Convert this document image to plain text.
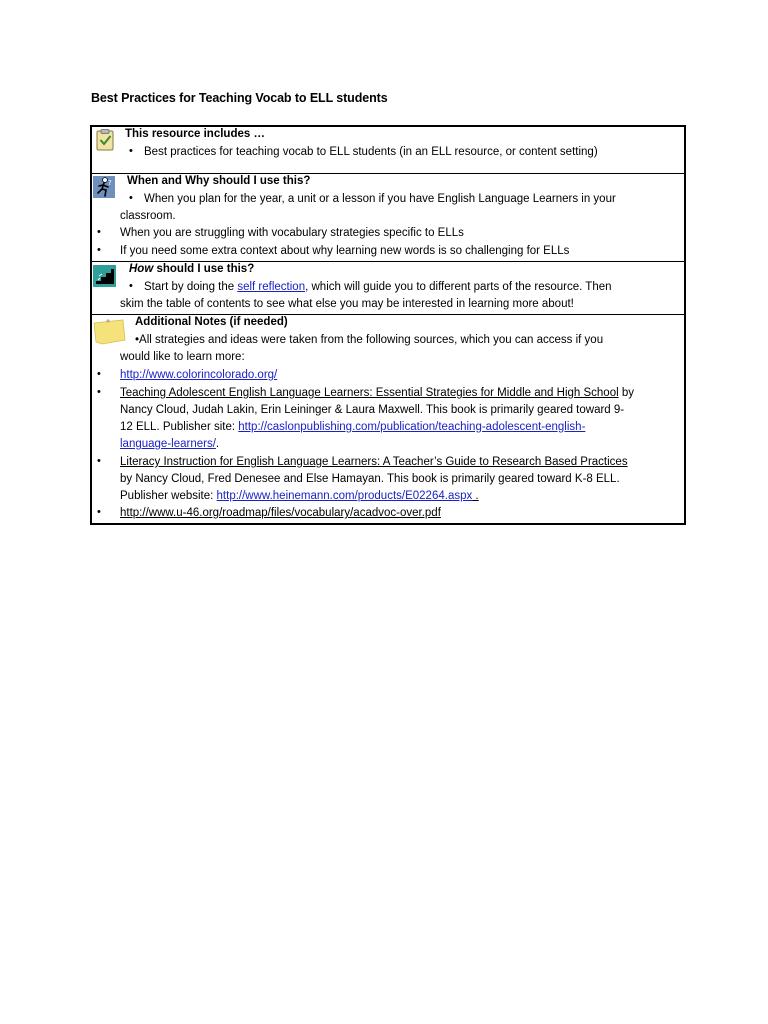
Best Practices for Teaching Vocab to ELL students
This resource includes …
• Best practices for teaching vocab to ELL students (in an ELL resource, or content setting)
? When and Why should I use this?
• When you plan for the year, a unit or a lesson if you have English Language Learners in your
classroom.
• When you are struggling with vocabulary strategies specific to ELLs
• If you need some extra context about why learning new words is so challenging for ELLs
How should I use this?
• Start by doing the self reflection, which will guide you to different parts of the resource. Then
skim the table of contents to see what else you may be interested in learning more about!
Additional Notes (if needed)
•All strategies and ideas were taken from the following sources, which you can access if you
would like to learn more:
• http://www.colorincolorado.org/
• Teaching Adolescent English Language Learners: Essential Strategies for Middle and High School by
Nancy Cloud, Judah Lakin, Erin Leininger & Laura Maxwell. This book is primarily geared toward 9-
12 ELL. Publisher site: http://caslonpublishing.com/publication/teaching-adolescent-english-
language-learners/.
• Literacy Instruction for English Language Learners: A Teacher’s Guide to Research Based Practices
by Nancy Cloud, Fred Denesee and Else Hamayan. This book is primarily geared toward K-8 ELL.
Publisher website: http://www.heinemann.com/products/E02264.aspx .
• http://www.u-46.org/roadmap/files/vocabulary/acadvoc-over.pdf
